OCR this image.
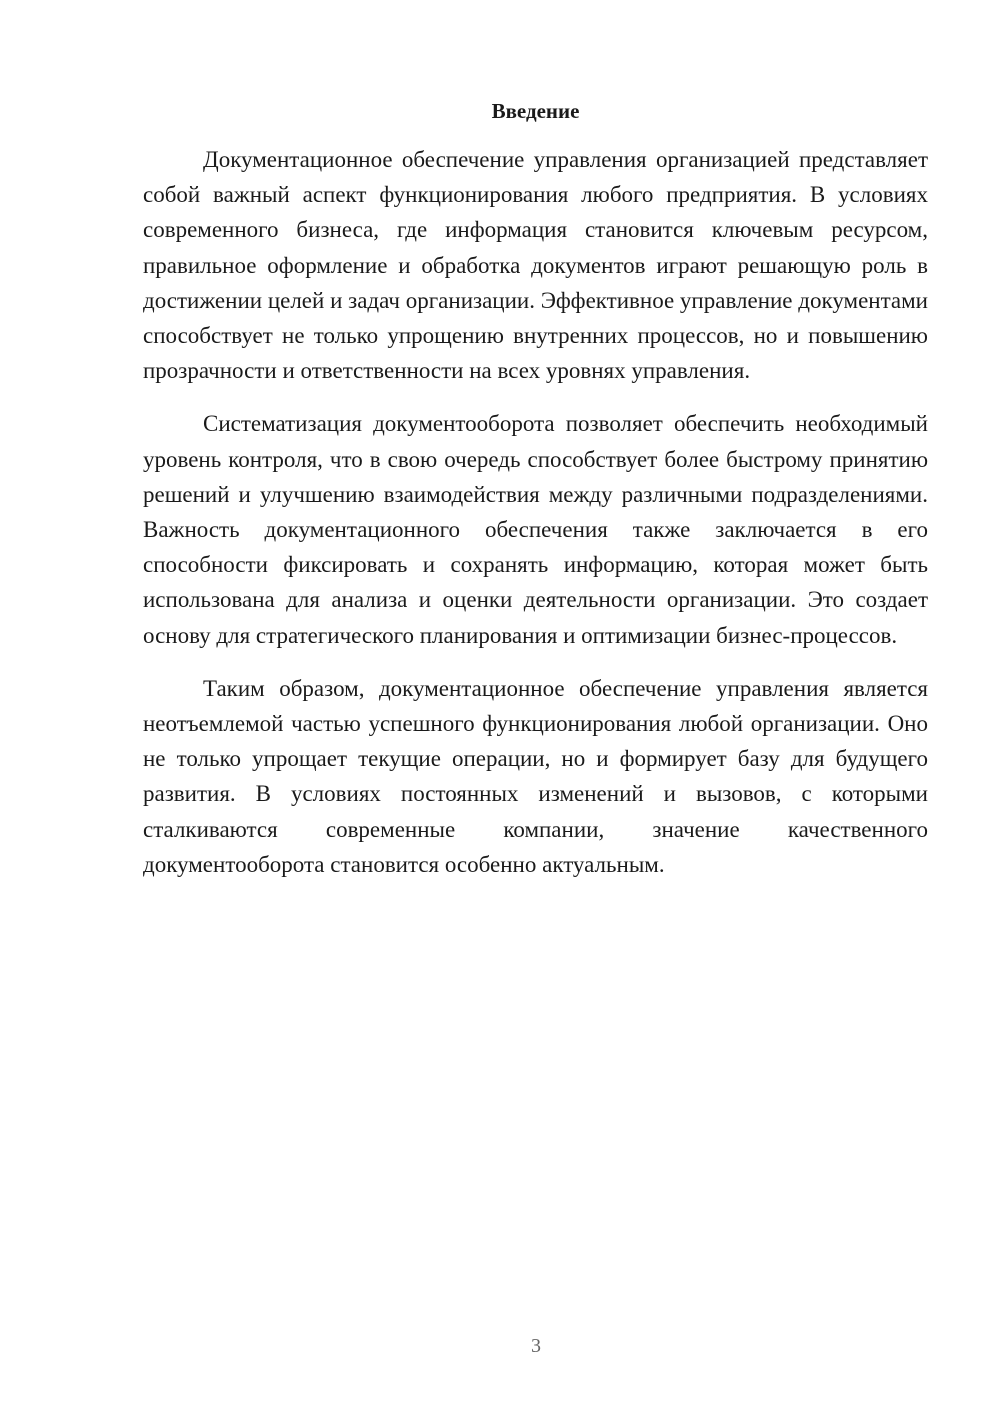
Введение

Документационное обеспечение управления организацией представляет собой важный аспект функционирования любого предприятия. В условиях современного бизнеса, где информация становится ключевым ресурсом, правильное оформление и обработка документов играют решающую роль в достижении целей и задач организации. Эффективное управление документами способствует не только упрощению внутренних процессов, но и повышению прозрачности и ответственности на всех уровнях управления.

Систематизация документооборота позволяет обеспечить необходимый уровень контроля, что в свою очередь способствует более быстрому принятию решений и улучшению взаимодействия между различными подразделениями. Важность документационного обеспечения также заключается в его способности фиксировать и сохранять информацию, которая может быть использована для анализа и оценки деятельности организации. Это создает основу для стратегического планирования и оптимизации бизнес-процессов.

Таким образом, документационное обеспечение управления является неотъемлемой частью успешного функционирования любой организации. Оно не только упрощает текущие операции, но и формирует базу для будущего развития. В условиях постоянных изменений и вызовов, с которыми сталкиваются современные компании, значение качественного документооборота становится особенно актуальным.

3
